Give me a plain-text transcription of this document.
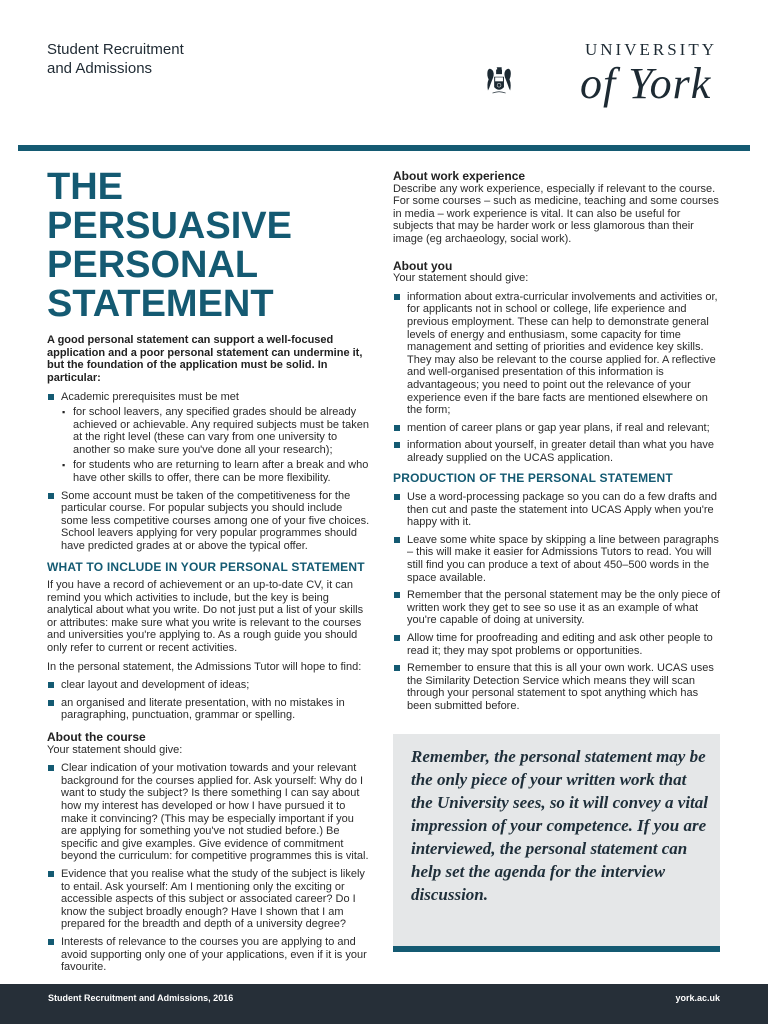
Student Recruitment
and Admissions
UNIVERSITY
of York
THE PERSUASIVE
PERSONAL
STATEMENT
A good personal statement can support a well-focused application and a poor personal statement can undermine it, but the foundation of the application must be solid. In particular:
Academic prerequisites must be met
▪ for school leavers, any specified grades should be already achieved or achievable. Any required subjects must be taken at the right level (these can vary from one university to another so make sure you've done all your research);
▪ for students who are returning to learn after a break and who have other skills to offer, there can be more flexibility.
Some account must be taken of the competitiveness for the particular course. For popular subjects you should include some less competitive courses among one of your five choices. School leavers applying for very popular programmes should have predicted grades at or above the typical offer.
WHAT TO INCLUDE IN YOUR PERSONAL STATEMENT

If you have a record of achievement or an up-to-date CV, it can remind you which activities to include, but the key is being analytical about what you write. Do not just put a list of your skills or attributes: make sure what you write is relevant to the courses and universities you're applying to. As a rough guide you should only refer to current or recent activities.

In the personal statement, the Admissions Tutor will hope to find:

clear layout and development of ideas;
an organised and literate presentation, with no mistakes in paragraphing, punctuation, grammar or spelling.
About the course

Your statement should give:

Clear indication of your motivation towards and your relevant background for the courses applied for. Ask yourself: Why do I want to study the subject? Is there something I can say about how my interest has developed or how I have pursued it to make it convincing? (This may be especially important if you are applying for something you've not studied before.) Be specific and give examples. Give evidence of commitment beyond the curriculum: for competitive programmes this is vital.
Evidence that you realise what the study of the subject is likely to entail. Ask yourself: Am I mentioning only the exciting or accessible aspects of this subject or associated career? Do I know the subject broadly enough? Have I shown that I am prepared for the breadth and depth of a university degree?
Interests of relevance to the courses you are applying to and avoid supporting only one of your applications, even if it is your favourite.
About work experience

Describe any work experience, especially if relevant to the course. For some courses – such as medicine, teaching and some courses in media – work experience is vital. It can also be useful for subjects that may be harder work or less glamorous than their image (eg archaeology, social work).

About you

Your statement should give:

information about extra-curricular involvements and activities or, for applicants not in school or college, life experience and previous employment. These can help to demonstrate general levels of energy and enthusiasm, some capacity for time management and setting of priorities and evidence key skills. They may also be relevant to the course applied for. A reflective and well-organised presentation of this information is advantageous; you need to point out the relevance of your experience even if the bare facts are mentioned elsewhere on the form;
mention of career plans or gap year plans, if real and relevant;
information about yourself, in greater detail than what you have already supplied on the UCAS application.
PRODUCTION OF THE PERSONAL STATEMENT
Use a word-processing package so you can do a few drafts and then cut and paste the statement into UCAS Apply when you're happy with it.
Leave some white space by skipping a line between paragraphs – this will make it easier for Admissions Tutors to read. You will still find you can produce a text of about 450–500 words in the space available.
Remember that the personal statement may be the only piece of written work they get to see so use it as an example of what you're capable of doing at university.
Allow time for proofreading and editing and ask other people to read it; they may spot problems or opportunities.
Remember to ensure that this is all your own work. UCAS uses the Similarity Detection Service which means they will scan through your personal statement to spot anything which has been submitted before.
Remember, the personal statement may be the only piece of your written work that the University sees, so it will convey a vital impression of your competence. If you are interviewed, the personal statement can help set the agenda for the interview discussion.
Student Recruitment and Admissions, 2016	york.ac.uk
